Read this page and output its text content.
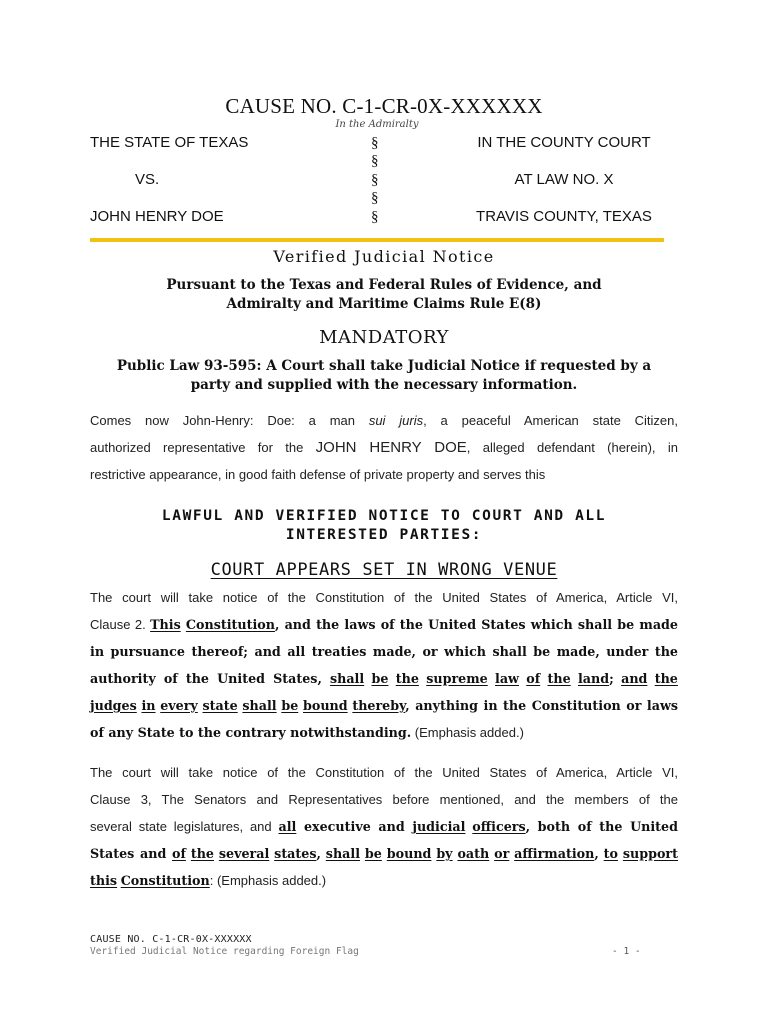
CAUSE NO. C-1-CR-0X-XXXXXX
In the Admiralty
THE STATE OF TEXAS
VS.
JOHN HENRY DOE
§
§
§
§
§
IN THE COUNTY COURT
AT LAW NO. X
TRAVIS COUNTY, TEXAS
Verified Judicial Notice
Pursuant to the Texas and Federal Rules of Evidence, and
Admiralty and Maritime Claims Rule E(8)
MANDATORY
Public Law 93-595: A Court shall take Judicial Notice if requested by a
party and supplied with the necessary information.
Comes now John-Henry: Doe: a man sui juris, a peaceful American state Citizen,
authorized representative for the JOHN HENRY DOE, alleged defendant (herein), in
restrictive appearance, in good faith defense of private property and serves this
LAWFUL AND VERIFIED NOTICE TO COURT AND ALL
INTERESTED PARTIES:
COURT APPEARS SET IN WRONG VENUE
The court will take notice of the Constitution of the United States of America, Article VI,
Clause 2. This Constitution, and the laws of the United States which shall be made
in pursuance thereof; and all treaties made, or which shall be made, under the
authority of the United States, shall be the supreme law of the land; and the
judges in every state shall be bound thereby, anything in the Constitution or laws
of any State to the contrary notwithstanding. (Emphasis added.)
The court will take notice of the Constitution of the United States of America, Article VI,
Clause 3, The Senators and Representatives before mentioned, and the members of the
several state legislatures, and all executive and judicial officers, both of the United
States and of the several states, shall be bound by oath or affirmation, to support
this Constitution: (Emphasis added.)
CAUSE NO. C-1-CR-0X-XXXXXX
Verified Judicial Notice regarding Foreign Flag	- 1 -
